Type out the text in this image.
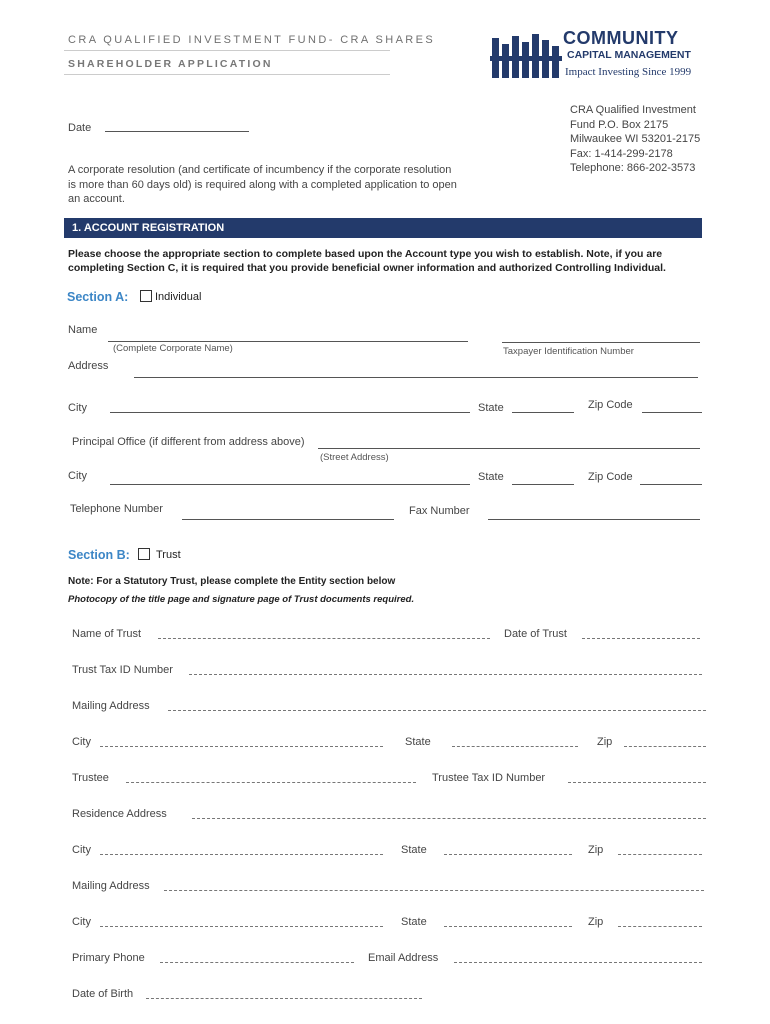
CRA QUALIFIED INVESTMENT FUND- CRA SHARES
SHAREHOLDER APPLICATION
COMMUNITY
CAPITAL MANAGEMENT
Impact Investing Since 1999
CRA Qualified Investment
Fund P.O. Box 2175
Milwaukee WI 53201-2175
Fax: 1-414-299-2178
Telephone: 866-202-3573
Date
A corporate resolution (and certificate of incumbency if the corporate resolution
is more than 60 days old) is required along with a completed application to open
an account.
1. ACCOUNT REGISTRATION
Please choose the appropriate section to complete based upon the Account type you wish to establish. Note, if you are
completing Section C, it is required that you provide beneficial owner information and authorized Controlling Individual.
Section A: Individual
Name
(Complete Corporate Name)	Taxpayer Identification Number
Address
City	State	Zip Code
Principal Office (if different from address above)
(Street Address)
City	State	Zip Code
Telephone Number	Fax Number
Section B: Trust
Note: For a Statutory Trust, please complete the Entity section below
Photocopy of the title page and signature page of Trust documents required.
Name of Trust	Date of Trust
Trust Tax ID Number
Mailing Address
City	State	Zip
Trustee	Trustee Tax ID Number
Residence Address
City	State	Zip
Mailing Address
City	State	Zip
Primary Phone	Email Address
Date of Birth
